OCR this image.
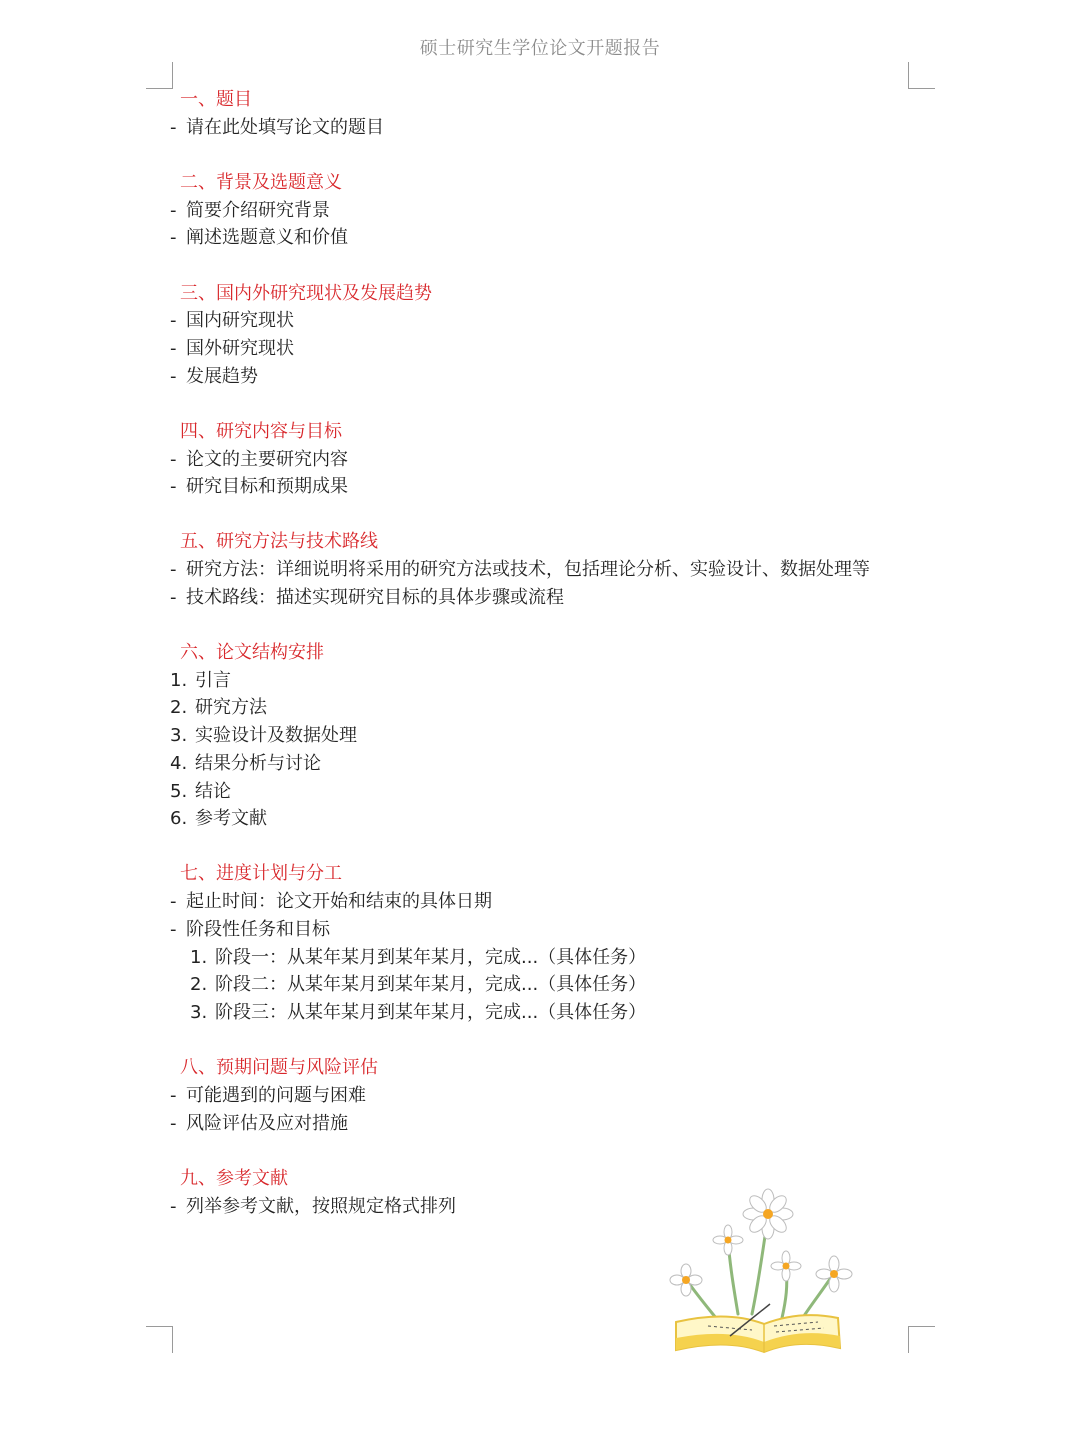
硕士研究生学位论文开题报告
一、题目
- 请在此处填写论文的题目
二、背景及选题意义
- 简要介绍研究背景
- 阐述选题意义和价值
三、国内外研究现状及发展趋势
- 国内研究现状
- 国外研究现状
- 发展趋势
四、研究内容与目标
- 论文的主要研究内容
- 研究目标和预期成果
五、研究方法与技术路线
- 研究方法：详细说明将采用的研究方法或技术，包括理论分析、实验设计、数据处理等
- 技术路线：描述实现研究目标的具体步骤或流程
六、论文结构安排
1. 引言
2. 研究方法
3. 实验设计及数据处理
4. 结果分析与讨论
5. 结论
6. 参考文献
七、进度计划与分工
- 起止时间：论文开始和结束的具体日期
- 阶段性任务和目标
1. 阶段一：从某年某月到某年某月，完成...（具体任务）
2. 阶段二：从某年某月到某年某月，完成...（具体任务）
3. 阶段三：从某年某月到某年某月，完成...（具体任务）
八、预期问题与风险评估
- 可能遇到的问题与困难
- 风险评估及应对措施
九、参考文献
- 列举参考文献，按照规定格式排列
